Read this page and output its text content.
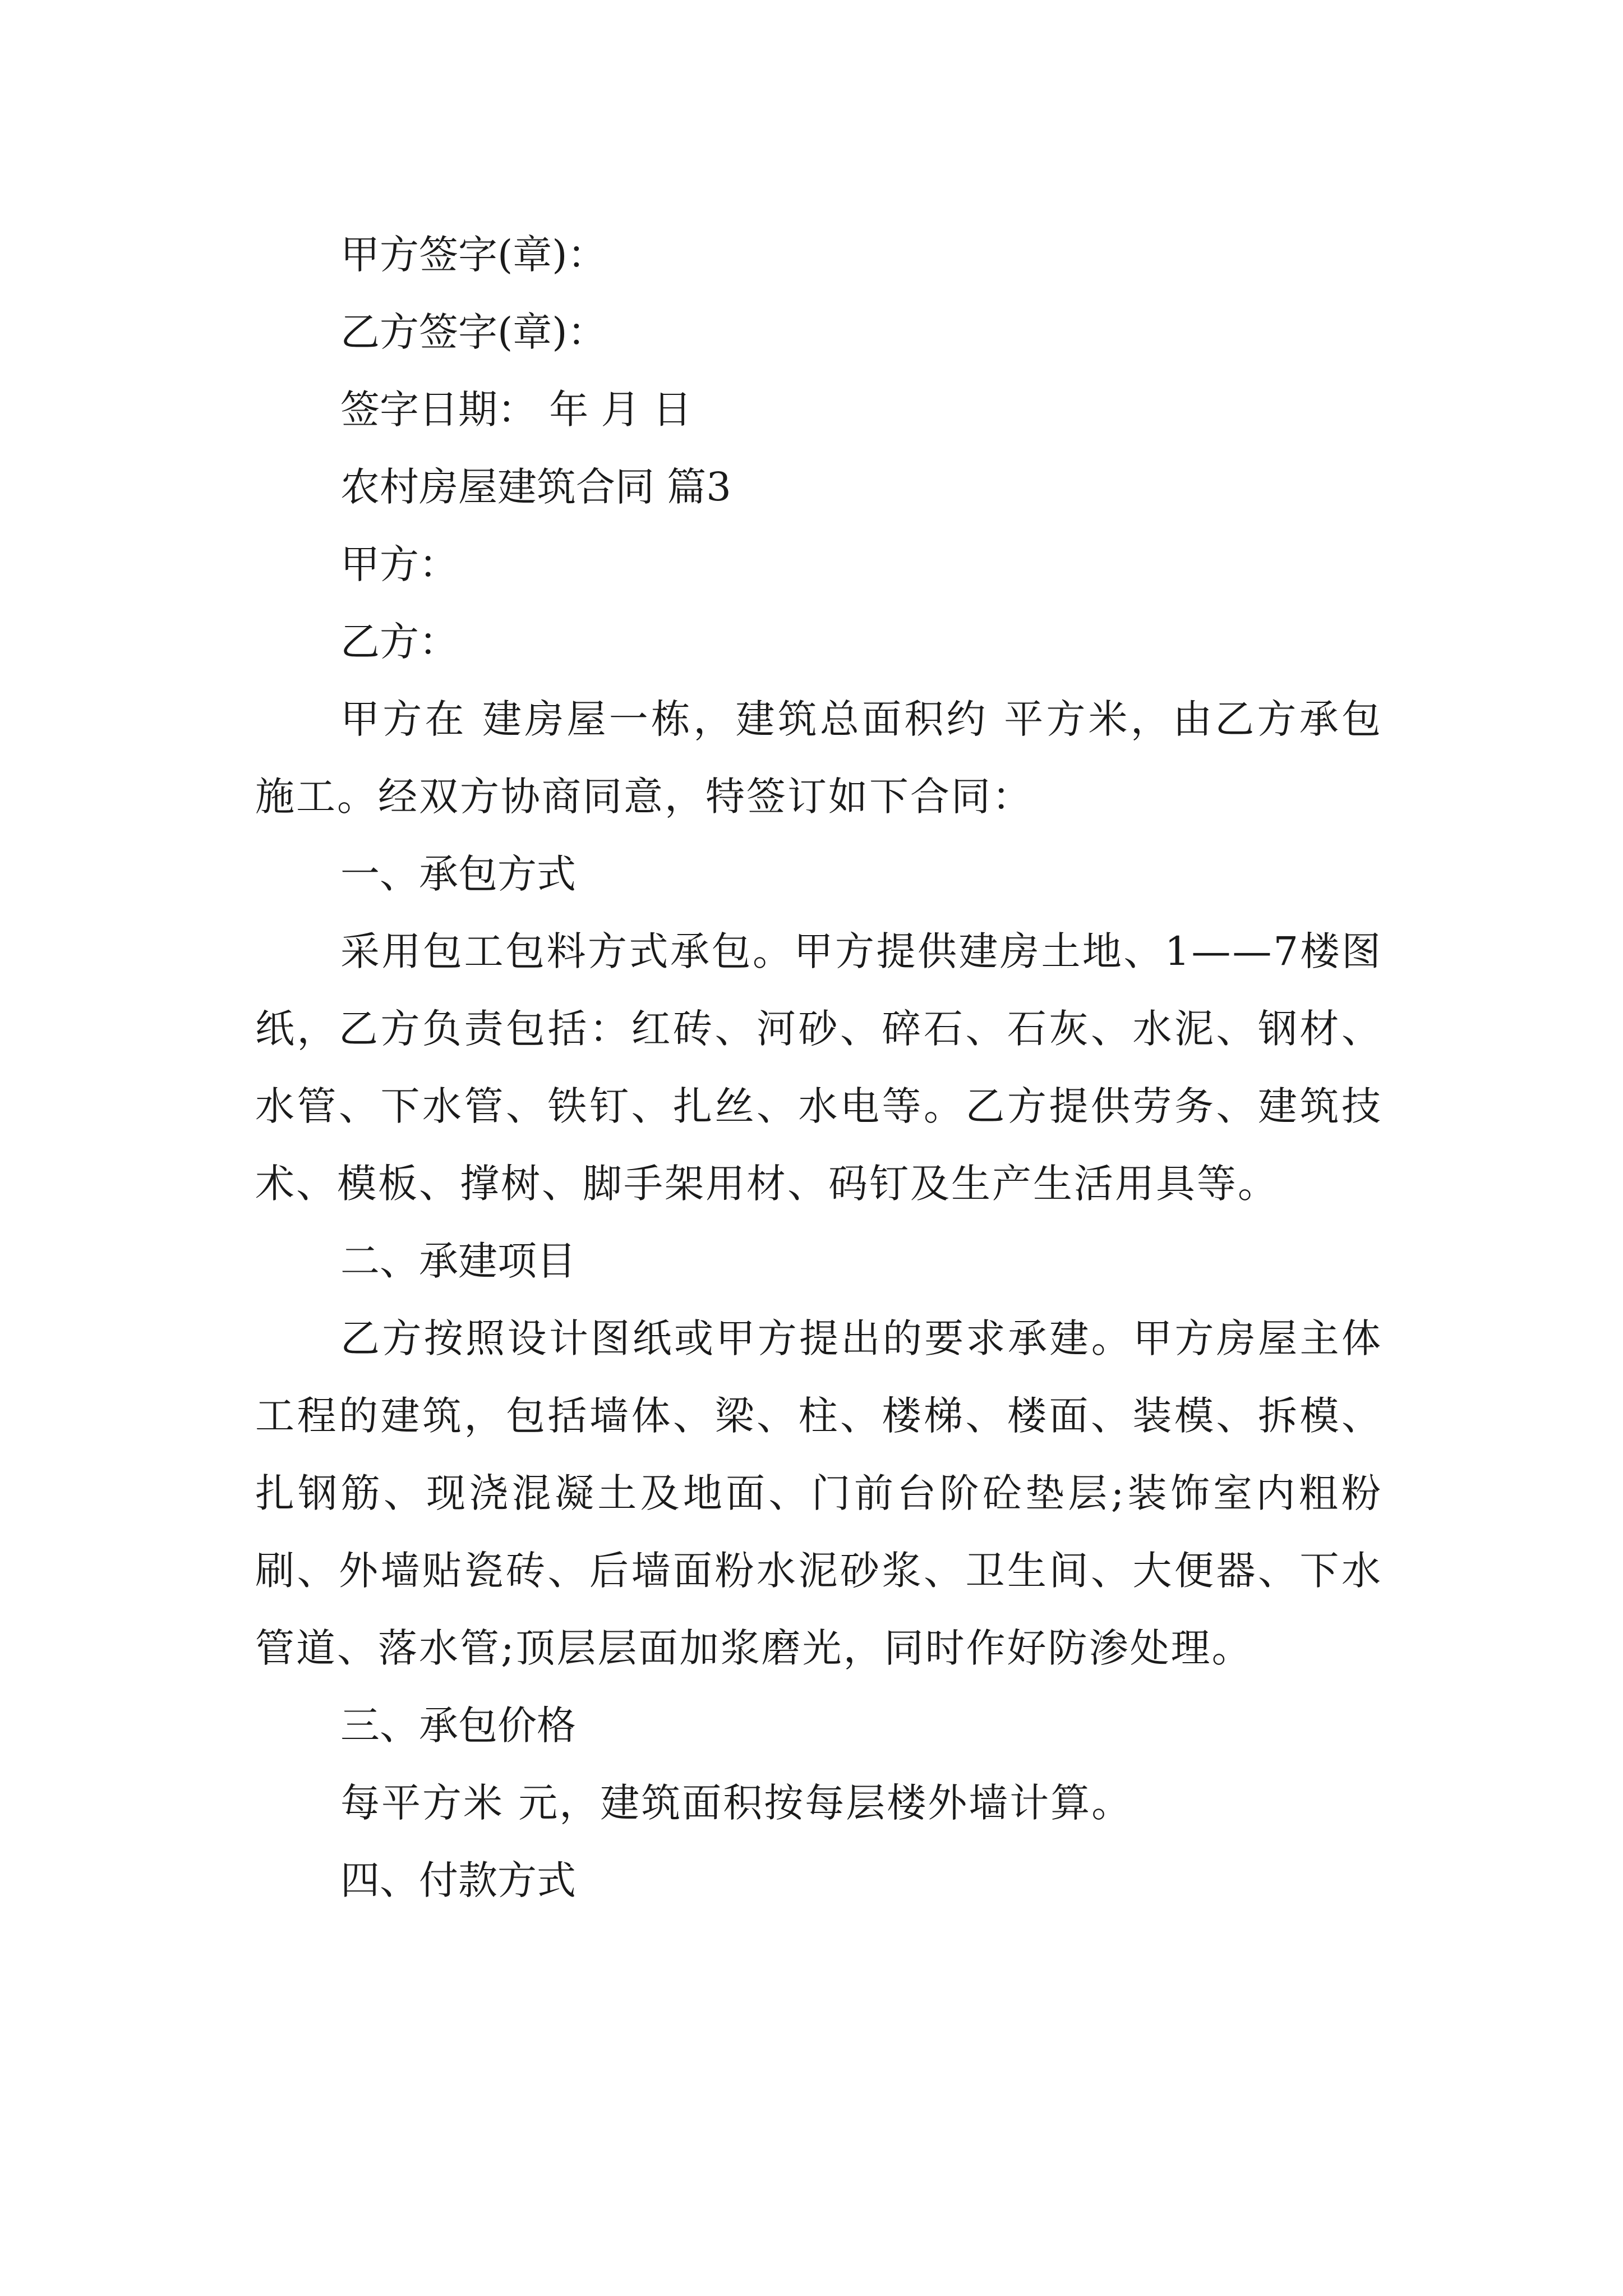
甲方签字(章)：

乙方签字(章)：

签字日期： 年 月 日

农村房屋建筑合同 篇3

甲方：

乙方：

甲方在 建房屋一栋，建筑总面积约 平方米，由乙方承包施工。经双方协商同意，特签订如下合同：

一、承包方式

采用包工包料方式承包。甲方提供建房土地、1——7楼图纸，乙方负责包括：红砖、河砂、碎石、石灰、水泥、钢材、水管、下水管、铁钉、扎丝、水电等。乙方提供劳务、建筑技术、模板、撑树、脚手架用材、码钉及生产生活用具等。

二、承建项目

乙方按照设计图纸或甲方提出的要求承建。甲方房屋主体工程的建筑，包括墙体、梁、柱、楼梯、楼面、装模、拆模、扎钢筋、现浇混凝土及地面、门前台阶砼垫层;装饰室内粗粉刷、外墙贴瓷砖、后墙面粉水泥砂浆、卫生间、大便器、下水管道、落水管;顶层层面加浆磨光，同时作好防渗处理。

三、承包价格

每平方米 元，建筑面积按每层楼外墙计算。

四、付款方式
